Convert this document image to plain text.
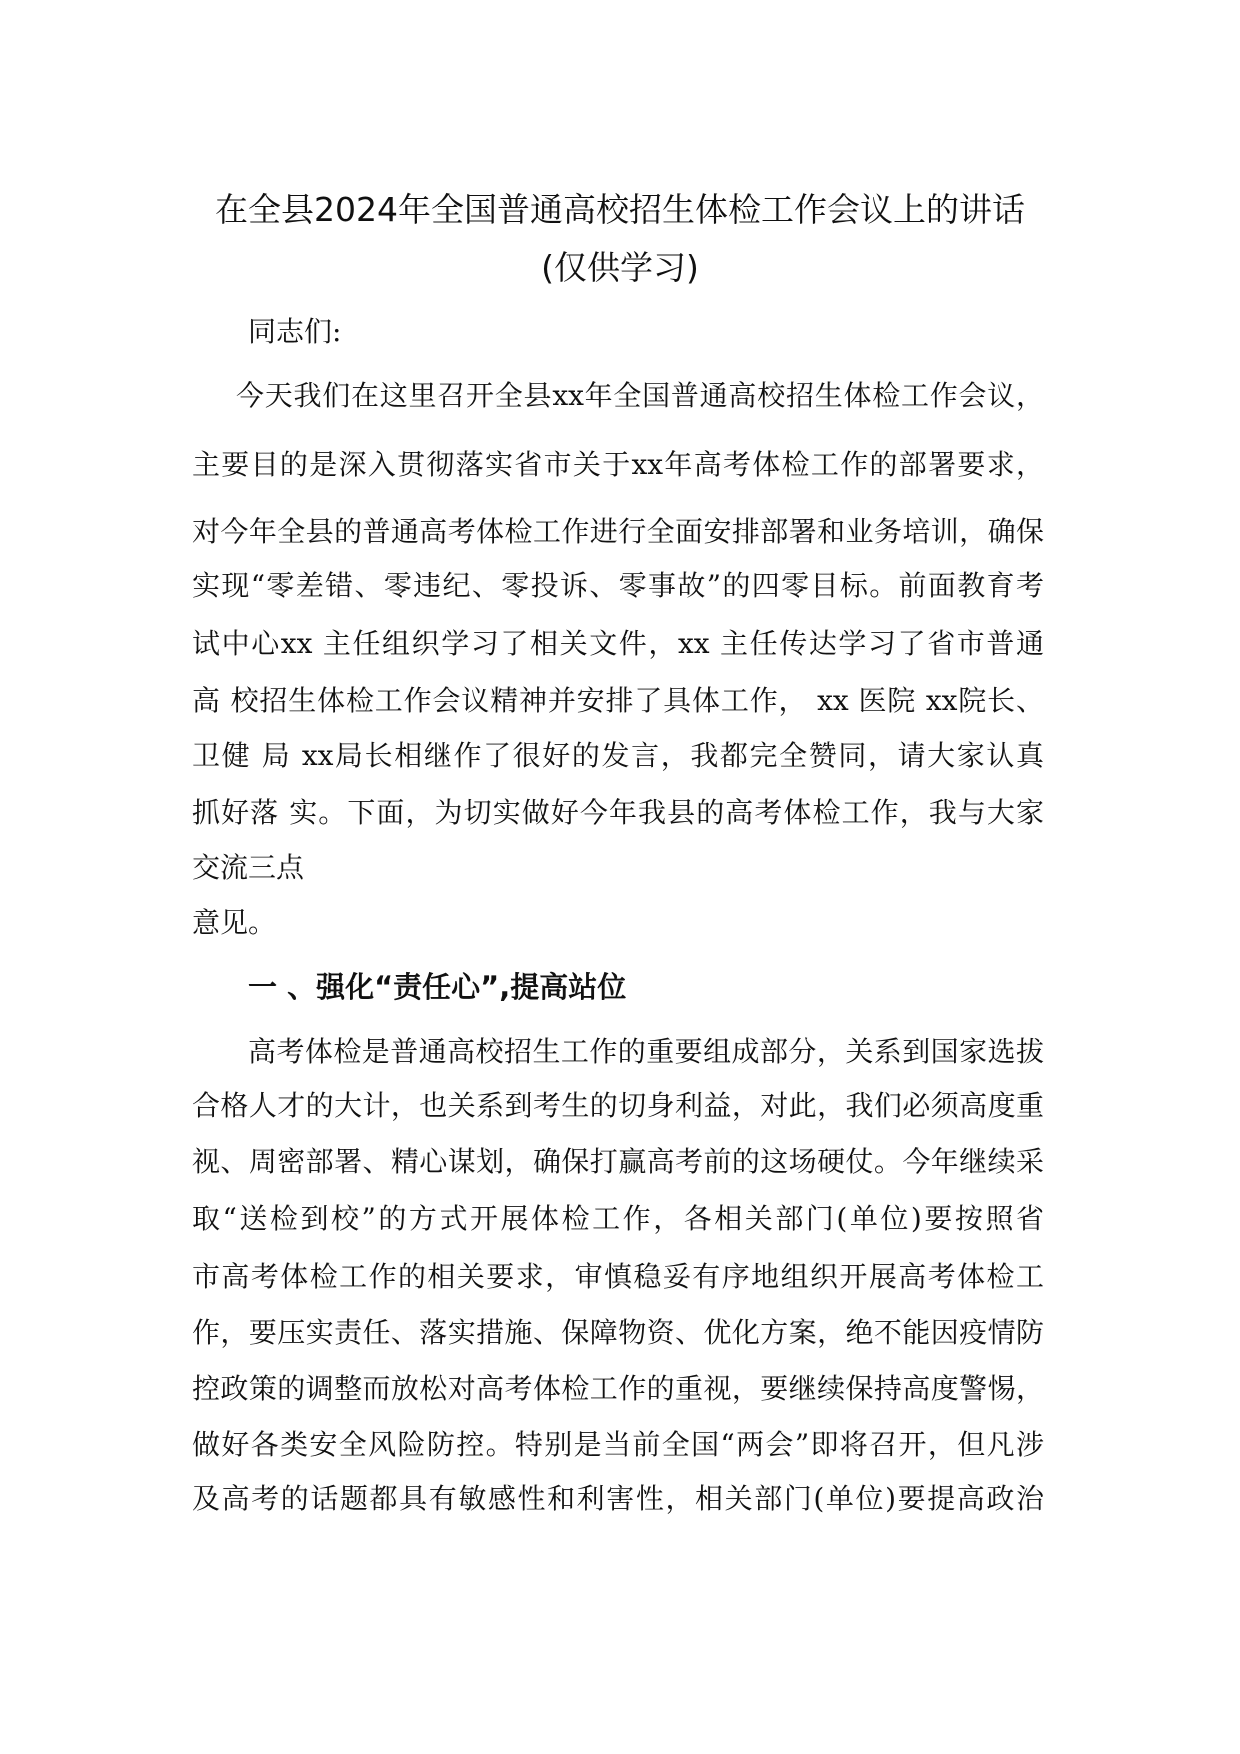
在全县2024年全国普通高校招生体检工作会议上的讲话
(仅供学习)
同志们:
今天我们在这里召开全县xx年全国普通高校招生体检工作会议，
主要目的是深入贯彻落实省市关于xx年高考体检工作的部署要求，
对今年全县的普通高考体检工作进行全面安排部署和业务培训，确保
实现“零差错、零违纪、零投诉、零事故”的四零目标。前面教育考
试中心xx 主任组织学习了相关文件，xx 主任传达学习了省市普通
高 校招生体检工作会议精神并安排了具体工作， xx 医院 xx院长、
卫健 局 xx局长相继作了很好的发言，我都完全赞同，请大家认真
抓好落 实。下面，为切实做好今年我县的高考体检工作，我与大家
交流三点
意见。
一 、强化“责任心”,提高站位
高考体检是普通高校招生工作的重要组成部分，关系到国家选拔
合格人才的大计，也关系到考生的切身利益，对此，我们必须高度重
视、周密部署、精心谋划，确保打赢高考前的这场硬仗。今年继续采
取“送检到校”的方式开展体检工作，各相关部门(单位)要按照省
市高考体检工作的相关要求，审慎稳妥有序地组织开展高考体检工
作，要压实责任、落实措施、保障物资、优化方案，绝不能因疫情防
控政策的调整而放松对高考体检工作的重视，要继续保持高度警惕，
做好各类安全风险防控。特别是当前全国“两会”即将召开，但凡涉
及高考的话题都具有敏感性和利害性，相关部门(单位)要提高政治
